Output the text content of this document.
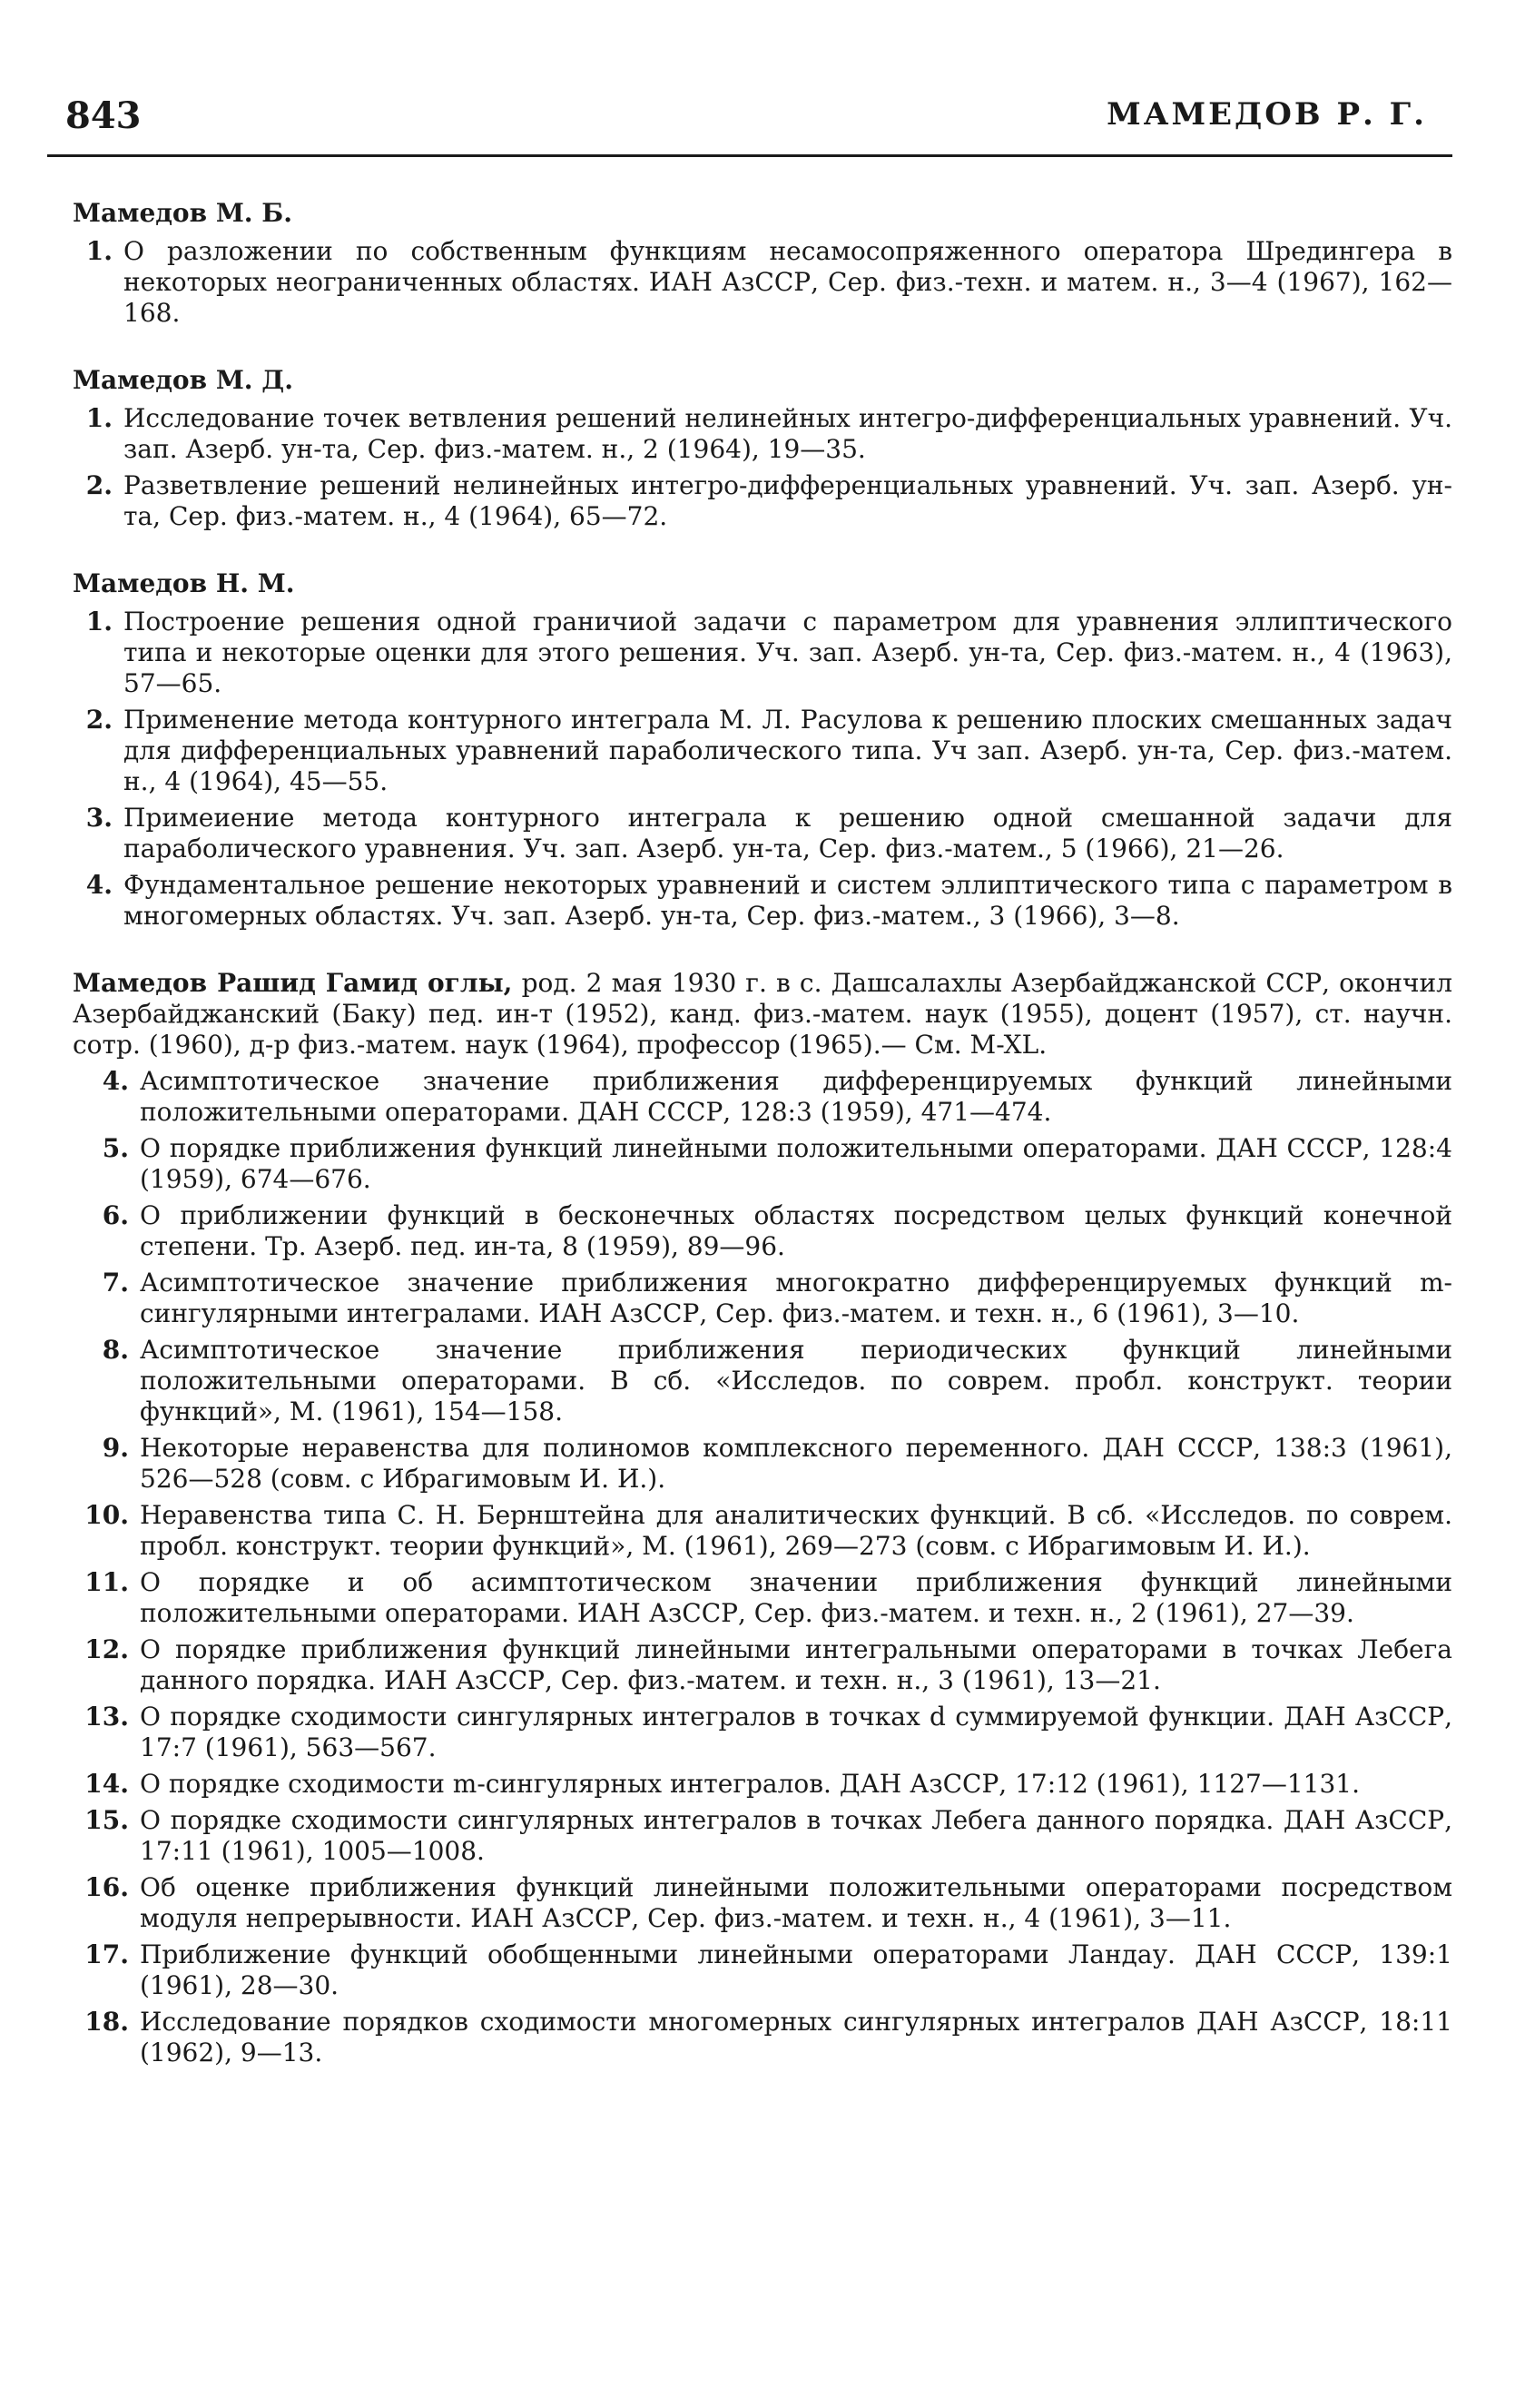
843	МАМЕДОВ Р. Г.
Мамедов М. Б.
1. О разложении по собственным функциям несамосопряженного оператора Шредингера в некоторых неограниченных областях. ИАН АзССР, Сер. физ.-техн. и матем. н., 3—4 (1967), 162—168.
Мамедов М. Д.
1. Исследование точек ветвления решений нелинейных интегро-дифференциальных уравнений. Уч. зап. Азерб. ун-та, Сер. физ.-матем. н., 2 (1964), 19—35.
2. Разветвление решений нелинейных интегро-дифференциальных уравнений. Уч. зап. Азерб. ун-та, Сер. физ.-матем. н., 4 (1964), 65—72.
Мамедов Н. М.
1. Построение решения одной граничиой задачи с параметром для уравнения эллиптического типа и некоторые оценки для этого решения. Уч. зап. Азерб. ун-та, Сер. физ.-матем. н., 4 (1963), 57—65.
2. Применение метода контурного интеграла М. Л. Расулова к решению плоских смешанных задач для дифференциальных уравнений параболического типа. Уч зап. Азерб. ун-та, Сер. физ.-матем. н., 4 (1964), 45—55.
3. Примеиение метода контурного интеграла к решению одной смешанной задачи для параболического уравнения. Уч. зап. Азерб. ун-та, Сер. физ.-матем., 5 (1966), 21—26.
4. Фундаментальное решение некоторых уравнений и систем эллиптического типа с параметром в многомерных областях. Уч. зап. Азерб. ун-та, Сер. физ.-матем., 3 (1966), 3—8.

Мамедов Рашид Гамид оглы, род. 2 мая 1930 г. в с. Дашсалахлы Азербайджанской ССР, окончил Азербайджанский (Баку) пед. ин-т (1952), канд. физ.-матем. наук (1955), доцент (1957), ст. научн. сотр. (1960), д-р физ.-матем. наук (1964), профессор (1965).— См. M-XL.

4. Асимптотическое значение приближения дифференцируемых функций линейными положительными операторами. ДАН СССР, 128:3 (1959), 471—474.
5. О порядке приближения функций линейными положительными операторами. ДАН СССР, 128:4 (1959), 674—676.
6. О приближении функций в бесконечных областях посредством целых функций конечной степени. Тр. Азерб. пед. ин-та, 8 (1959), 89—96.
7. Асимптотическое значение приближения многократно дифференцируемых функций m-сингулярными интегралами. ИАН АзССР, Сер. физ.-матем. и техн. н., 6 (1961), 3—10.
8. Асимптотическое значение приближения периодических функций линейными положительными операторами. В сб. «Исследов. по соврем. пробл. конструкт. теории функций», М. (1961), 154—158.
9. Некоторые неравенства для полиномов комплексного переменного. ДАН СССР, 138:3 (1961), 526—528 (совм. с Ибрагимовым И. И.).
10. Неравенства типа С. Н. Бернштейна для аналитических функций. В сб. «Исследов. по соврем. пробл. конструкт. теории функций», М. (1961), 269—273 (совм. с Ибрагимовым И. И.).
11. О порядке и об асимптотическом значении приближения функций линейными положительными операторами. ИАН АзССР, Сер. физ.-матем. и техн. н., 2 (1961), 27—39.
12. О порядке приближения функций линейными интегральными операторами в точках Лебега данного порядка. ИАН АзССР, Сер. физ.-матем. и техн. н., 3 (1961), 13—21.
13. О порядке сходимости сингулярных интегралов в точках d суммируемой функции. ДАН АзССР, 17:7 (1961), 563—567.
14. О порядке сходимости m-сингулярных интегралов. ДАН АзССР, 17:12 (1961), 1127—1131.
15. О порядке сходимости сингулярных интегралов в точках Лебега данного порядка. ДАН АзССР, 17:11 (1961), 1005—1008.
16. Об оценке приближения функций линейными положительными операторами посредством модуля непрерывности. ИАН АзССР, Сер. физ.-матем. и техн. н., 4 (1961), 3—11.
17. Приближение функций обобщенными линейными операторами Ландау. ДАН СССР, 139:1 (1961), 28—30.
18. Исследование порядков сходимости многомерных сингулярных интегралов ДАН АзССР, 18:11 (1962), 9—13.
